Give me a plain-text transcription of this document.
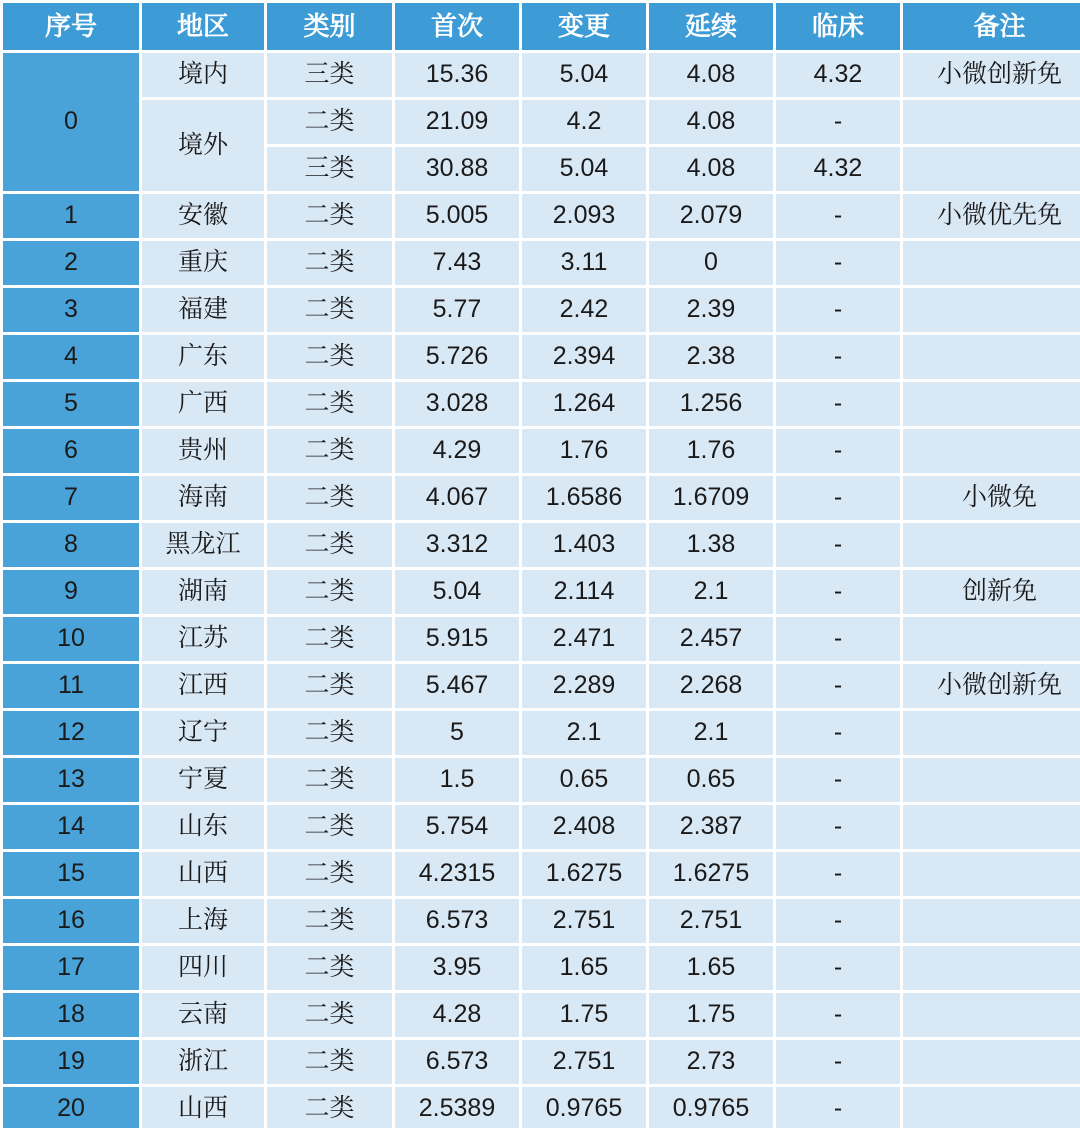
序号	地区	类别	首次	变更	延续	临床	备注
0	境内	三类	15.36	5.04	4.08	4.32	小微创新免
	境外	二类	21.09	4.2	4.08	-	
		三类	30.88	5.04	4.08	4.32	
1	安徽	二类	5.005	2.093	2.079	-	小微优先免
2	重庆	二类	7.43	3.11	0	-	
3	福建	二类	5.77	2.42	2.39	-	
4	广东	二类	5.726	2.394	2.38	-	
5	广西	二类	3.028	1.264	1.256	-	
6	贵州	二类	4.29	1.76	1.76	-	
7	海南	二类	4.067	1.6586	1.6709	-	小微免
8	黑龙江	二类	3.312	1.403	1.38	-	
9	湖南	二类	5.04	2.114	2.1	-	创新免
10	江苏	二类	5.915	2.471	2.457	-	
11	江西	二类	5.467	2.289	2.268	-	小微创新免
12	辽宁	二类	5	2.1	2.1	-	
13	宁夏	二类	1.5	0.65	0.65	-	
14	山东	二类	5.754	2.408	2.387	-	
15	山西	二类	4.2315	1.6275	1.6275	-	
16	上海	二类	6.573	2.751	2.751	-	
17	四川	二类	3.95	1.65	1.65	-	
18	云南	二类	4.28	1.75	1.75	-	
19	浙江	二类	6.573	2.751	2.73	-	
20	山西	二类	2.5389	0.9765	0.9765	-	
